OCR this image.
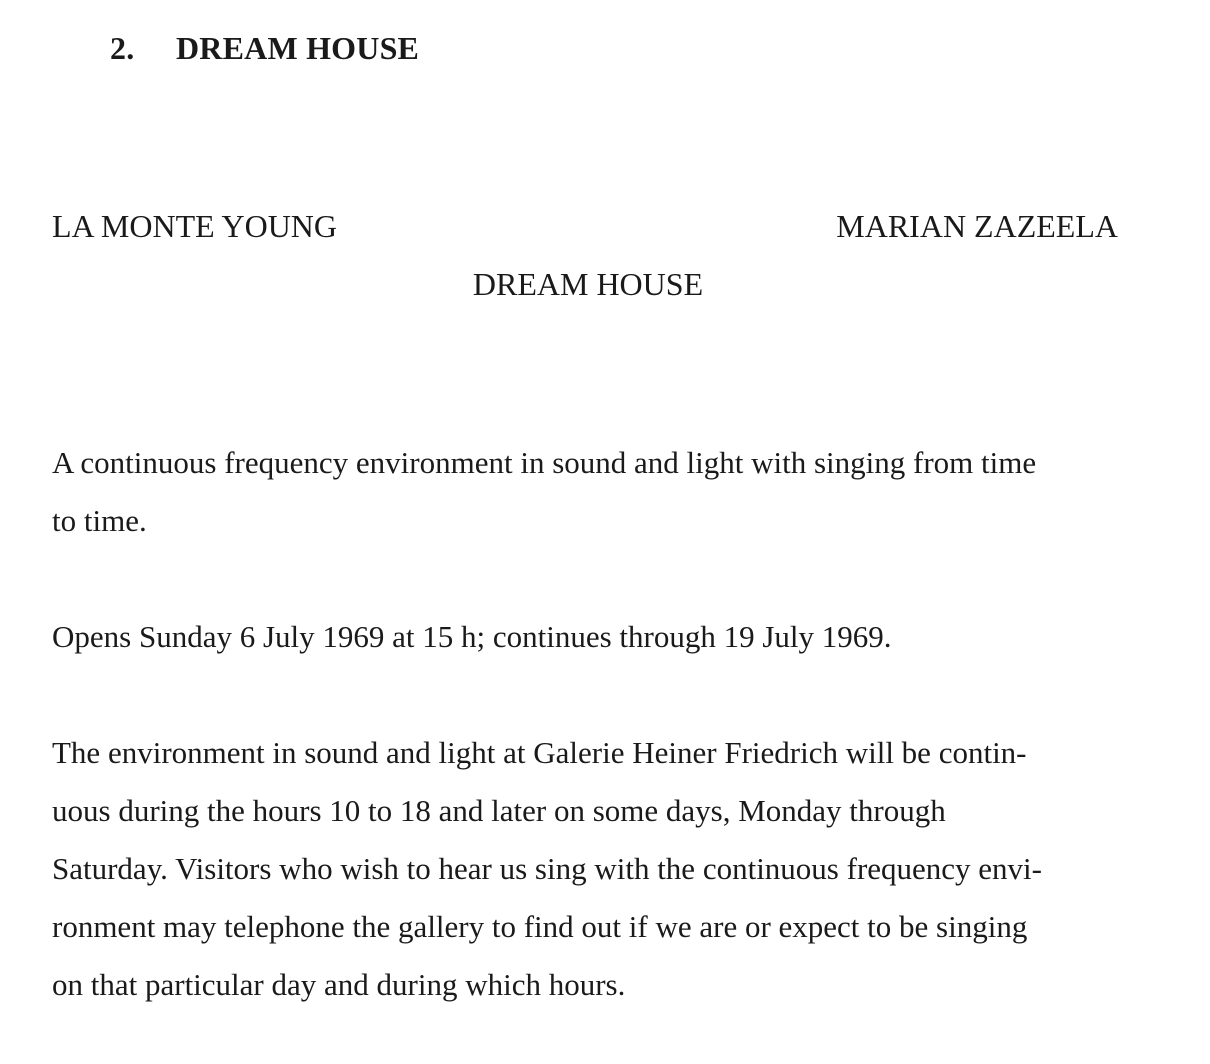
2. DREAM HOUSE
LA MONTE YOUNG	MARIAN ZAZEELA
DREAM HOUSE
A continuous frequency environment in sound and light with singing from time
to time.
Opens Sunday 6 July 1969 at 15 h; continues through 19 July 1969.
The environment in sound and light at Galerie Heiner Friedrich will be contin-
uous during the hours 10 to 18 and later on some days, Monday through
Saturday. Visitors who wish to hear us sing with the continuous frequency envi-
ronment may telephone the gallery to find out if we are or expect to be singing
on that particular day and during which hours.
